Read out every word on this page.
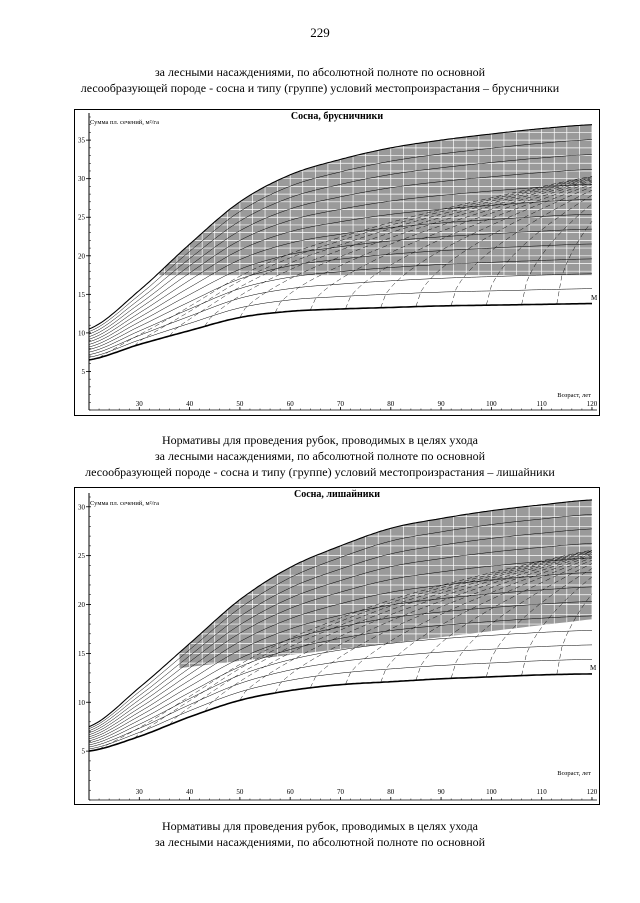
229
за лесными насаждениями, по абсолютной полноте по основной
лесообразующей породе - сосна и типу (группе) условий местопроизрастания – брусничники
5
10
15
20
25
30
35
30	40	50	60	70	80	90	100	110	120
Сосна, брусничники
Сумма пл. сечений, м²/га
Возраст, лет
М
Нормативы для проведения рубок, проводимых в целях ухода
за лесными насаждениями, по абсолютной полноте по основной
лесообразующей породе - сосна и типу (группе) условий местопроизрастания – лишайники
5
10
15
20
25
30
30	40	50	60	70	80	90	100	110	120
Сосна, лишайники
Сумма пл. сечений, м²/га
Возраст, лет
М
Нормативы для проведения рубок, проводимых в целях ухода
за лесными насаждениями, по абсолютной полноте по основной
